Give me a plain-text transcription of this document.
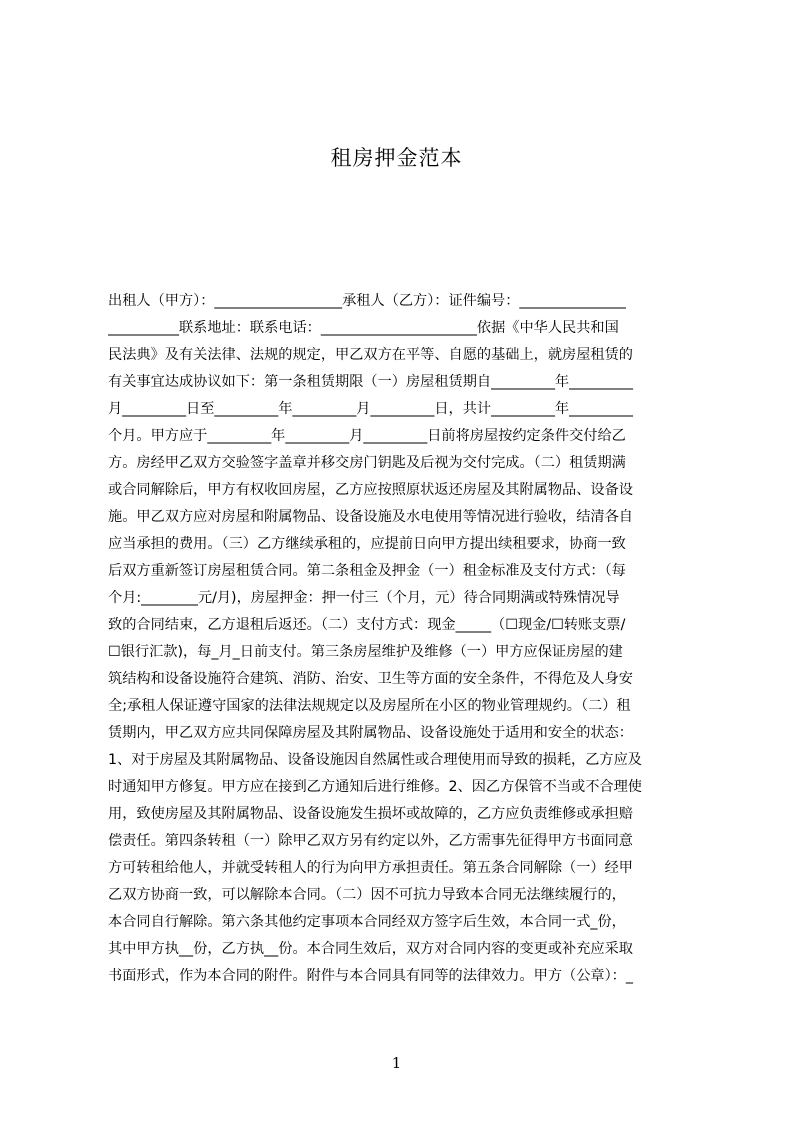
租房押金范本
出租人（甲方）：__________________承租人（乙方）：证件编号：_______________
__________联系地址：联系电话：______________________依据《中华人民共和国
民法典》及有关法律、法规的规定，甲乙双方在平等、自愿的基础上，就房屋租赁的
有关事宜达成协议如下：第一条租赁期限（一）房屋租赁期自_________年_________
月_________日至_________年_________月_________日，共计_________年_________
个月。甲方应于_________年_________月_________日前将房屋按约定条件交付给乙
方。房经甲乙双方交验签字盖章并移交房门钥匙及后视为交付完成。（二）租赁期满
或合同解除后，甲方有权收回房屋，乙方应按照原状返还房屋及其附属物品、设备设
施。甲乙双方应对房屋和附属物品、设备设施及水电使用等情况进行验收，结清各自
应当承担的费用。（三）乙方继续承租的，应提前日向甲方提出续租要求，协商一致
后双方重新签订房屋租赁合同。第二条租金及押金（一）租金标准及支付方式：（每
个月:________元/月)，房屋押金：押一付三（个月，元）待合同期满或特殊情况导
致的合同结束，乙方退租后返还。（二）支付方式：现金_____（☐现金/☐转账支票/
☐银行汇款)，每_月_日前支付。第三条房屋维护及维修（一）甲方应保证房屋的建
筑结构和设备设施符合建筑、消防、治安、卫生等方面的安全条件，不得危及人身安
全;承租人保证遵守国家的法律法规规定以及房屋所在小区的物业管理规约。（二）租
赁期内，甲乙双方应共同保障房屋及其附属物品、设备设施处于适用和安全的状态：
1、对于房屋及其附属物品、设备设施因自然属性或合理使用而导致的损耗，乙方应及
时通知甲方修复。甲方应在接到乙方通知后进行维修。2、因乙方保管不当或不合理使
用，致使房屋及其附属物品、设备设施发生损坏或故障的，乙方应负责维修或承担赔
偿责任。第四条转租（一）除甲乙双方另有约定以外，乙方需事先征得甲方书面同意
方可转租给他人，并就受转租人的行为向甲方承担责任。第五条合同解除（一）经甲
乙双方协商一致，可以解除本合同。（二）因不可抗力导致本合同无法继续履行的，
本合同自行解除。第六条其他约定事项本合同经双方签字后生效，本合同一式_份，
其中甲方执__份，乙方执__份。本合同生效后，双方对合同内容的变更或补充应采取
书面形式，作为本合同的附件。附件与本合同具有同等的法律效力。甲方（公章）：_
1
